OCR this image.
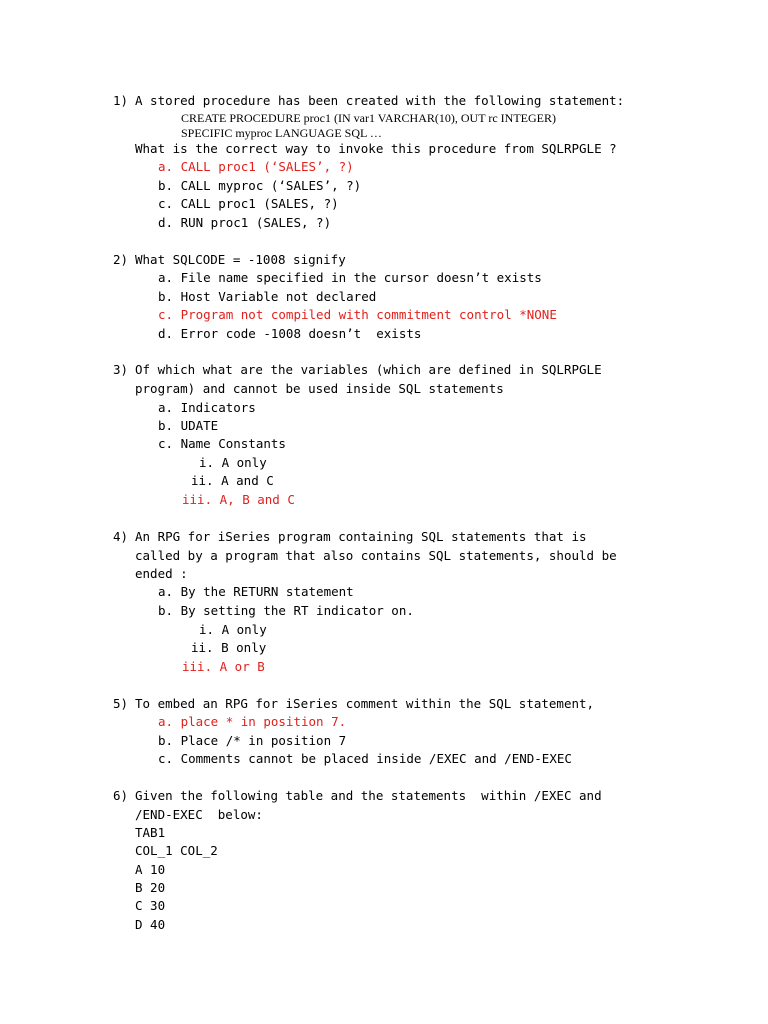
1) A stored procedure has been created with the following statement:
CREATE PROCEDURE proc1 (IN var1 VARCHAR(10), OUT rc INTEGER)
SPECIFIC myproc LANGUAGE SQL …
What is the correct way to invoke this procedure from SQLRPGLE ?
a. CALL proc1 (‘SALES’, ?)
b. CALL myproc (‘SALES’, ?)
c. CALL proc1 (SALES, ?)
d. RUN proc1 (SALES, ?)
2) What SQLCODE = -1008 signify
a. File name specified in the cursor doesn’t exists
b. Host Variable not declared
c. Program not compiled with commitment control *NONE
d. Error code -1008 doesn’t  exists
3) Of which what are the variables (which are defined in SQLRPGLE
program) and cannot be used inside SQL statements
a. Indicators
b. UDATE
c. Name Constants
i. A only
ii. A and C
iii. A, B and C
4) An RPG for iSeries program containing SQL statements that is
called by a program that also contains SQL statements, should be
ended :
a. By the RETURN statement
b. By setting the RT indicator on.
i. A only
ii. B only
iii. A or B
5) To embed an RPG for iSeries comment within the SQL statement,
a. place * in position 7.
b. Place /* in position 7
c. Comments cannot be placed inside /EXEC and /END-EXEC
6) Given the following table and the statements  within /EXEC and
/END-EXEC  below:
TAB1
COL_1 COL_2
A 10
B 20
C 30
D 40
